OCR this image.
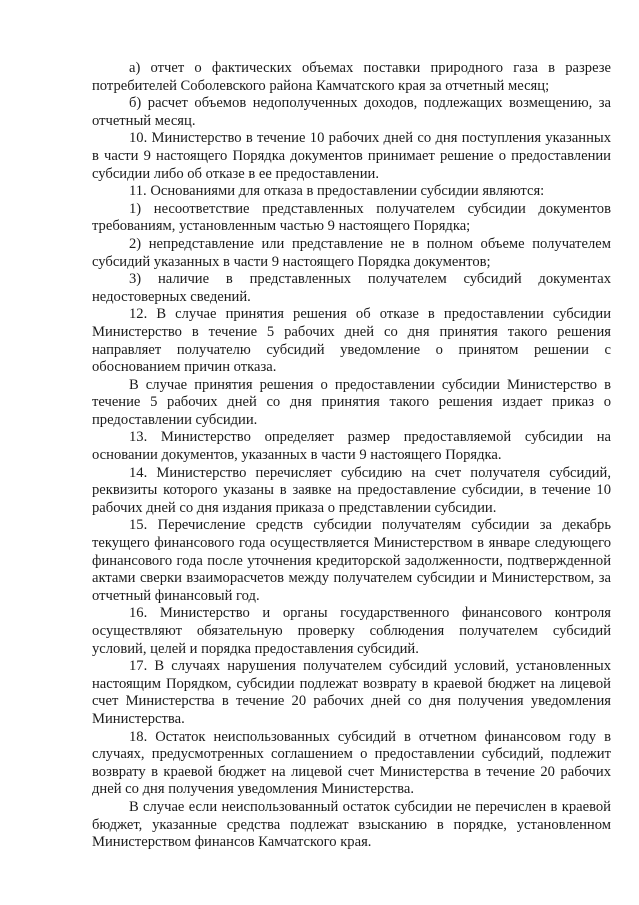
а) отчет о фактических объемах поставки природного газа в разрезе потребителей Соболевского района Камчатского края за отчетный месяц;

б) расчет объемов недополученных доходов, подлежащих возмещению, за отчетный месяц.

10. Министерство в течение 10 рабочих дней со дня поступления указанных в части 9 настоящего Порядка документов принимает решение о предоставлении субсидии либо об отказе в ее предоставлении.

11. Основаниями для отказа в предоставлении субсидии являются:

1) несоответствие представленных получателем субсидии документов требованиям, установленным частью 9 настоящего Порядка;

2) непредставление или представление не в полном объеме получателем субсидий указанных в части 9 настоящего Порядка документов;

3) наличие в представленных получателем субсидий документах недостоверных сведений.

12. В случае принятия решения об отказе в предоставлении субсидии Министерство в течение 5 рабочих дней со дня принятия такого решения направляет получателю субсидий уведомление о принятом решении с обоснованием причин отказа.

В случае принятия решения о предоставлении субсидии Министерство в течение 5 рабочих дней со дня принятия такого решения издает приказ о предоставлении субсидии.

13. Министерство определяет размер предоставляемой субсидии на основании документов, указанных в части 9 настоящего Порядка.

14. Министерство перечисляет субсидию на счет получателя субсидий, реквизиты которого указаны в заявке на предоставление субсидии, в течение 10 рабочих дней со дня издания приказа о представлении субсидии.

15. Перечисление средств субсидии получателям субсидии за декабрь текущего финансового года осуществляется Министерством в январе следующего финансового года после уточнения кредиторской задолженности, подтвержденной актами сверки взаиморасчетов между получателем субсидии и Министерством, за отчетный финансовый год.

16. Министерство и органы государственного финансового контроля осуществляют обязательную проверку соблюдения получателем субсидий условий, целей и порядка предоставления субсидий.

17. В случаях нарушения получателем субсидий условий, установленных настоящим Порядком, субсидии подлежат возврату в краевой бюджет на лицевой счет Министерства в течение 20 рабочих дней со дня получения уведомления Министерства.

18. Остаток неиспользованных субсидий в отчетном финансовом году в случаях, предусмотренных соглашением о предоставлении субсидий, подлежит возврату в краевой бюджет на лицевой счет Министерства в течение 20 рабочих дней со дня получения уведомления Министерства.

В случае если неиспользованный остаток субсидии не перечислен в краевой бюджет, указанные средства подлежат взысканию в порядке, установленном Министерством финансов Камчатского края.
